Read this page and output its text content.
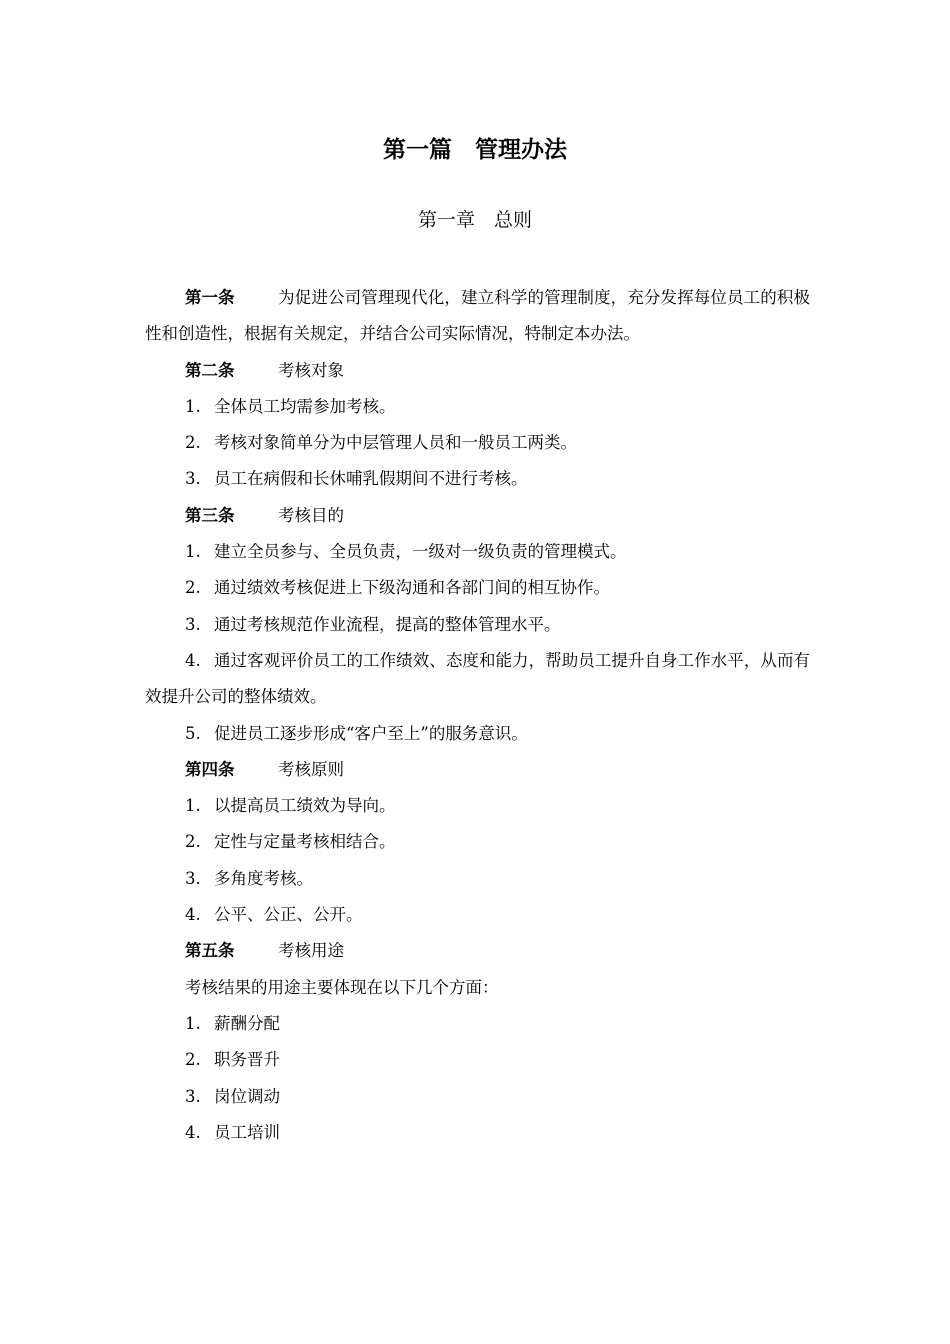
第一篇　管理办法
第一章　总则

第一条	为促进公司管理现代化，建立科学的管理制度，充分发挥每位员工的积极性和创造性，根据有关规定，并结合公司实际情况，特制定本办法。

第二条	考核对象

1. 全体员工均需参加考核。

2. 考核对象简单分为中层管理人员和一般员工两类。

3. 员工在病假和长休哺乳假期间不进行考核。

第三条	考核目的

1. 建立全员参与、全员负责，一级对一级负责的管理模式。

2. 通过绩效考核促进上下级沟通和各部门间的相互协作。

3. 通过考核规范作业流程，提高的整体管理水平。

4. 通过客观评价员工的工作绩效、态度和能力，帮助员工提升自身工作水平，从而有效提升公司的整体绩效。

5. 促进员工逐步形成“客户至上”的服务意识。

第四条	考核原则

1. 以提高员工绩效为导向。

2. 定性与定量考核相结合。

3. 多角度考核。

4. 公平、公正、公开。

第五条	考核用途

考核结果的用途主要体现在以下几个方面：

1. 薪酬分配

2. 职务晋升

3. 岗位调动

4. 员工培训
